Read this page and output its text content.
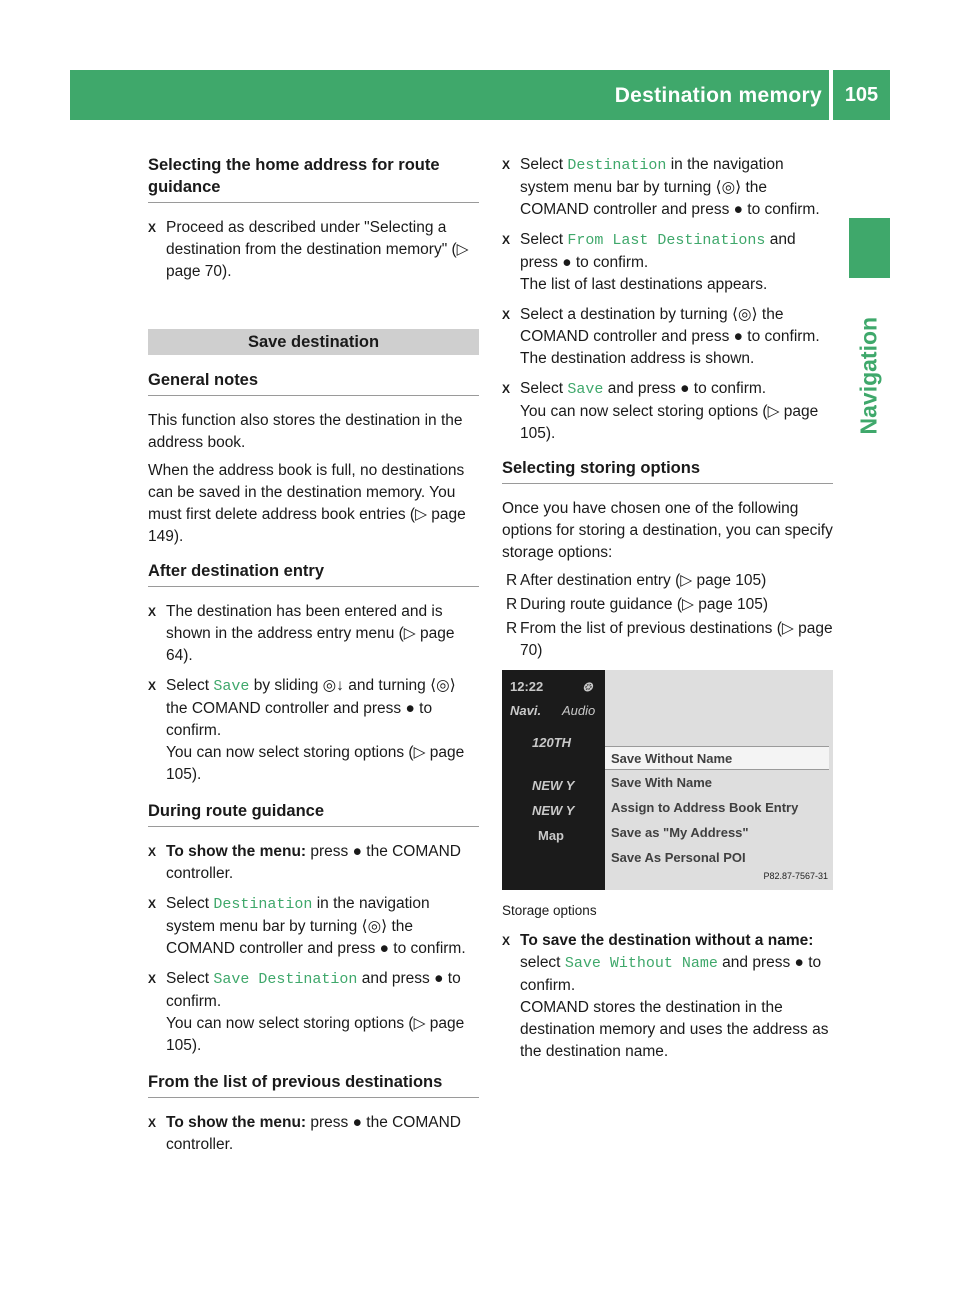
Destination memory	105
Navigation
Selecting the home address for route guidance
X Proceed as described under "Selecting a destination from the destination memory" (▷ page 70).
Save destination
General notes
This function also stores the destination in the address book.
When the address book is full, no destinations can be saved in the destination memory. You must first delete address book entries (▷ page 149).
After destination entry
X The destination has been entered and is shown in the address entry menu (▷ page 64).
X Select Save by sliding ◎↓ and turning ⟨◎⟩ the COMAND controller and press ● to confirm.
You can now select storing options (▷ page 105).
During route guidance
X To show the menu: press ● the COMAND controller.
X Select Destination in the navigation system menu bar by turning ⟨◎⟩ the COMAND controller and press ● to confirm.
X Select Save Destination and press ● to confirm.
You can now select storing options (▷ page 105).
From the list of previous destinations
X To show the menu: press ● the COMAND controller.
X Select Destination in the navigation system menu bar by turning ⟨◎⟩ the COMAND controller and press ● to confirm.
X Select From Last Destinations and press ● to confirm.
The list of last destinations appears.
X Select a destination by turning ⟨◎⟩ the COMAND controller and press ● to confirm.
The destination address is shown.
X Select Save and press ● to confirm.
You can now select storing options (▷ page 105).
Selecting storing options
Once you have chosen one of the following options for storing a destination, you can specify storage options:
R After destination entry (▷ page 105)
R During route guidance (▷ page 105)
R From the list of previous destinations (▷ page 70)
12:22	⊛
Navi. Audio
120TH
NEW Y
NEW Y
Map
Save Without Name
Save With Name
Assign to Address Book Entry
Save as "My Address"
Save As Personal POI
P82.87-7567-31
Storage options
X To save the destination without a name: select Save Without Name and press ● to confirm.
COMAND stores the destination in the destination memory and uses the address as the destination name.
